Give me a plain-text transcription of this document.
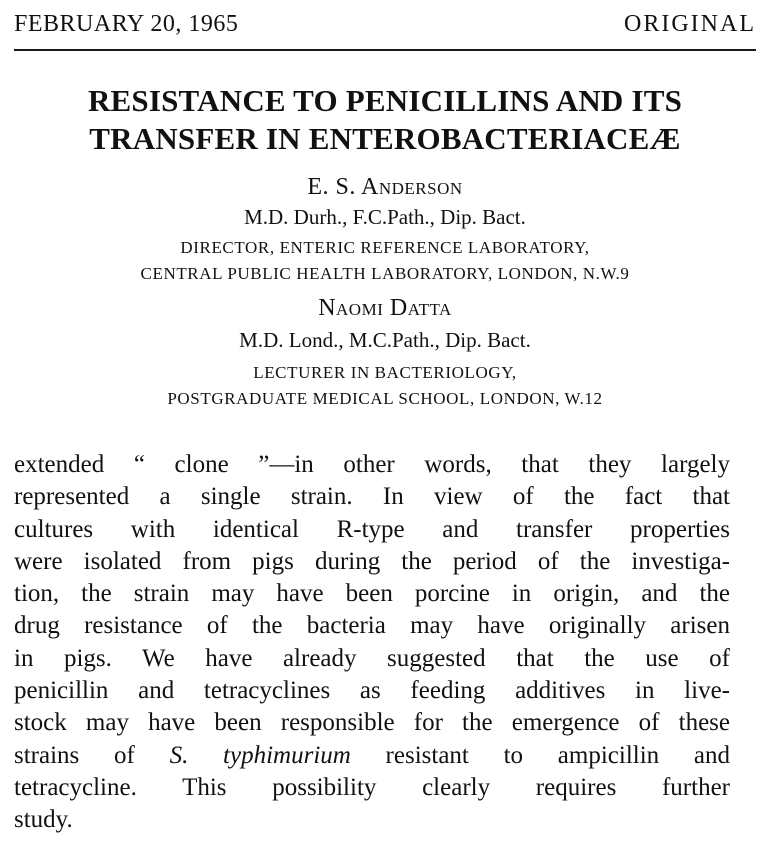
FEBRUARY 20, 1965	ORIGINAL
RESISTANCE TO PENICILLINS AND ITS
TRANSFER IN ENTEROBACTERIACEÆ
E. S. Anderson
M.D. Durh., F.C.Path., Dip. Bact.
DIRECTOR, ENTERIC REFERENCE LABORATORY,
CENTRAL PUBLIC HEALTH LABORATORY, LONDON, N.W.9
Naomi Datta
M.D. Lond., M.C.Path., Dip. Bact.
LECTURER IN BACTERIOLOGY,
POSTGRADUATE MEDICAL SCHOOL, LONDON, W.12
extended “ clone ”—in other words, that they largely
represented a single strain. In view of the fact that
cultures with identical R-type and transfer properties
were isolated from pigs during the period of the investiga-
tion, the strain may have been porcine in origin, and the
drug resistance of the bacteria may have originally arisen
in pigs. We have already suggested that the use of
penicillin and tetracyclines as feeding additives in live-
stock may have been responsible for the emergence of these
strains of S. typhimurium resistant to ampicillin and
tetracycline. This possibility clearly requires further
study.
